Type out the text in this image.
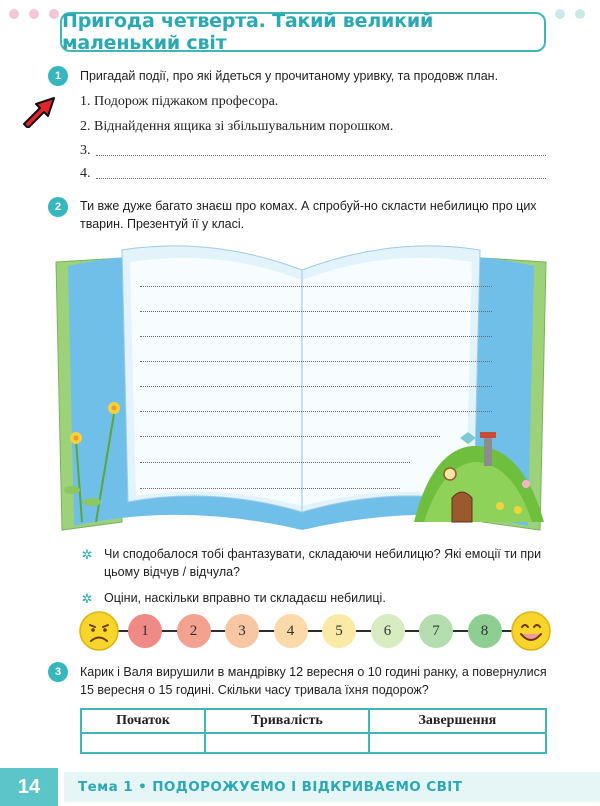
Пригода четверта. Такий великий маленький світ
1	Пригадай події, про які йдеться у прочитаному уривку, та продовж план.
1. Подорож піджаком професора.
2. Віднайдення ящика зі збільшувальним порошком.
3.
4.
2	Ти вже дуже багато знаєш про комах. А спробуй-но скласти небилицю про цих
тварин. Презентуй її у класі.
✲ Чи сподобалося тобі фантазувати, складаючи небилицю? Які емоції ти при
цьому відчув / відчула?
✲ Оціни, наскільки вправно ти складаєш небилиці.
1	2	3	4	5	6	7	8
3	Карик і Валя вирушили в мандрівку 12 вересня о 10 годині ранку, а повернулися
15 вересня о 15 годині. Скільки часу тривала їхня подорож?
Початок	Тривалість	Завершення

14	Тема 1 • ПОДОРОЖУЄМО І ВІДКРИВАЄМО СВІТ
